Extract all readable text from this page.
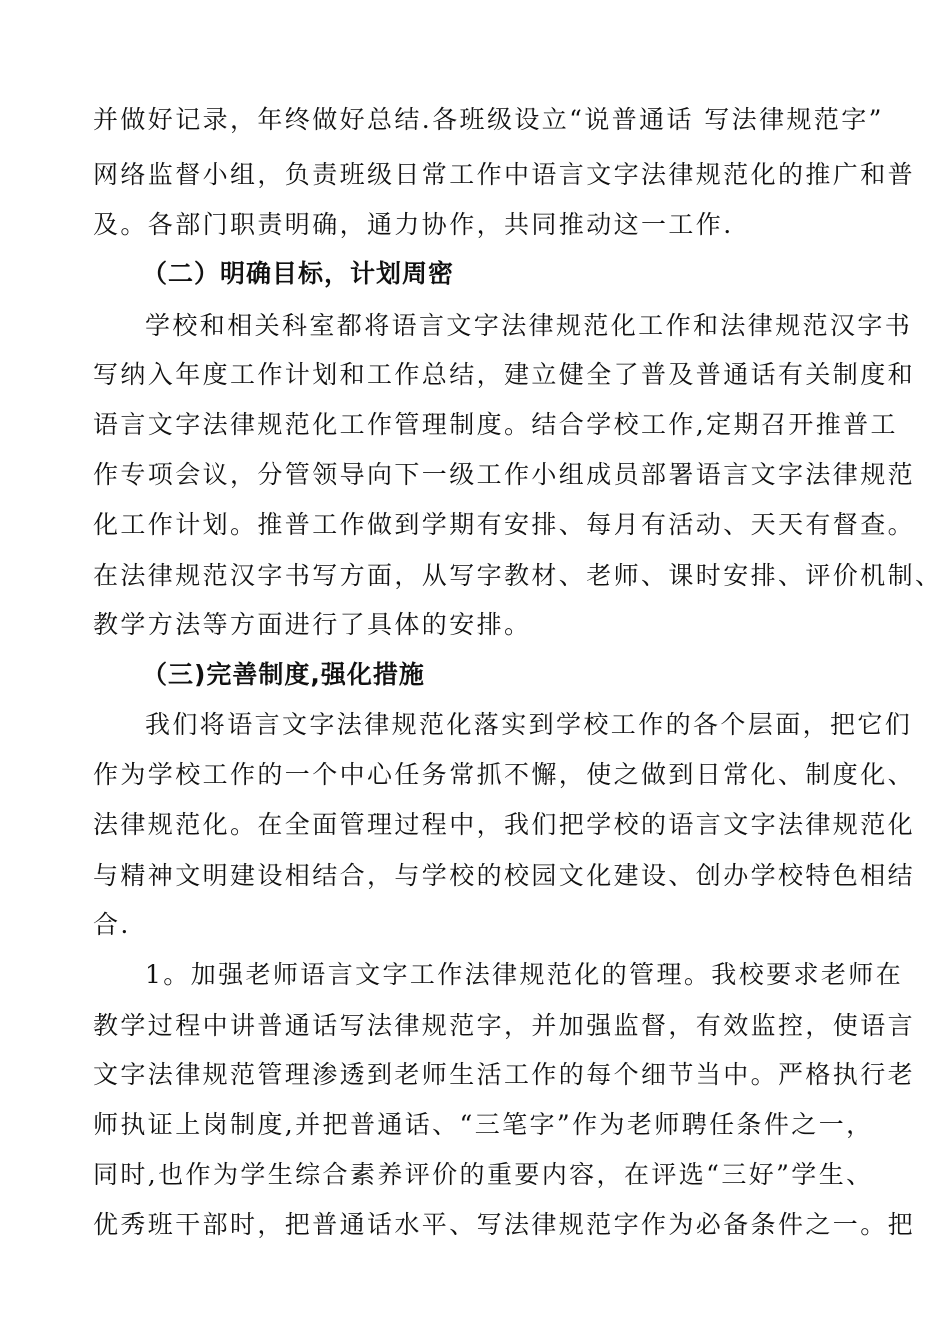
并做好记录，年终做好总结.各班级设立“说普通话 写法律规范字”
网络监督小组，负责班级日常工作中语言文字法律规范化的推广和普
及。各部门职责明确，通力协作，共同推动这一工作.
（二）明确目标，计划周密
学校和相关科室都将语言文字法律规范化工作和法律规范汉字书
写纳入年度工作计划和工作总结，建立健全了普及普通话有关制度和
语言文字法律规范化工作管理制度。结合学校工作,定期召开推普工
作专项会议，分管领导向下一级工作小组成员部署语言文字法律规范
化工作计划。推普工作做到学期有安排、每月有活动、天天有督查。
在法律规范汉字书写方面，从写字教材、老师、课时安排、评价机制、
教学方法等方面进行了具体的安排。
（三)完善制度,强化措施
我们将语言文字法律规范化落实到学校工作的各个层面，把它们
作为学校工作的一个中心任务常抓不懈，使之做到日常化、制度化、
法律规范化。在全面管理过程中，我们把学校的语言文字法律规范化
与精神文明建设相结合，与学校的校园文化建设、创办学校特色相结
合.
1。加强老师语言文字工作法律规范化的管理。我校要求老师在
教学过程中讲普通话写法律规范字，并加强监督，有效监控，使语言
文字法律规范管理渗透到老师生活工作的每个细节当中。严格执行老
师执证上岗制度,并把普通话、“三笔字”作为老师聘任条件之一，
同时,也作为学生综合素养评价的重要内容，在评选“三好”学生、
优秀班干部时，把普通话水平、写法律规范字作为必备条件之一。把
